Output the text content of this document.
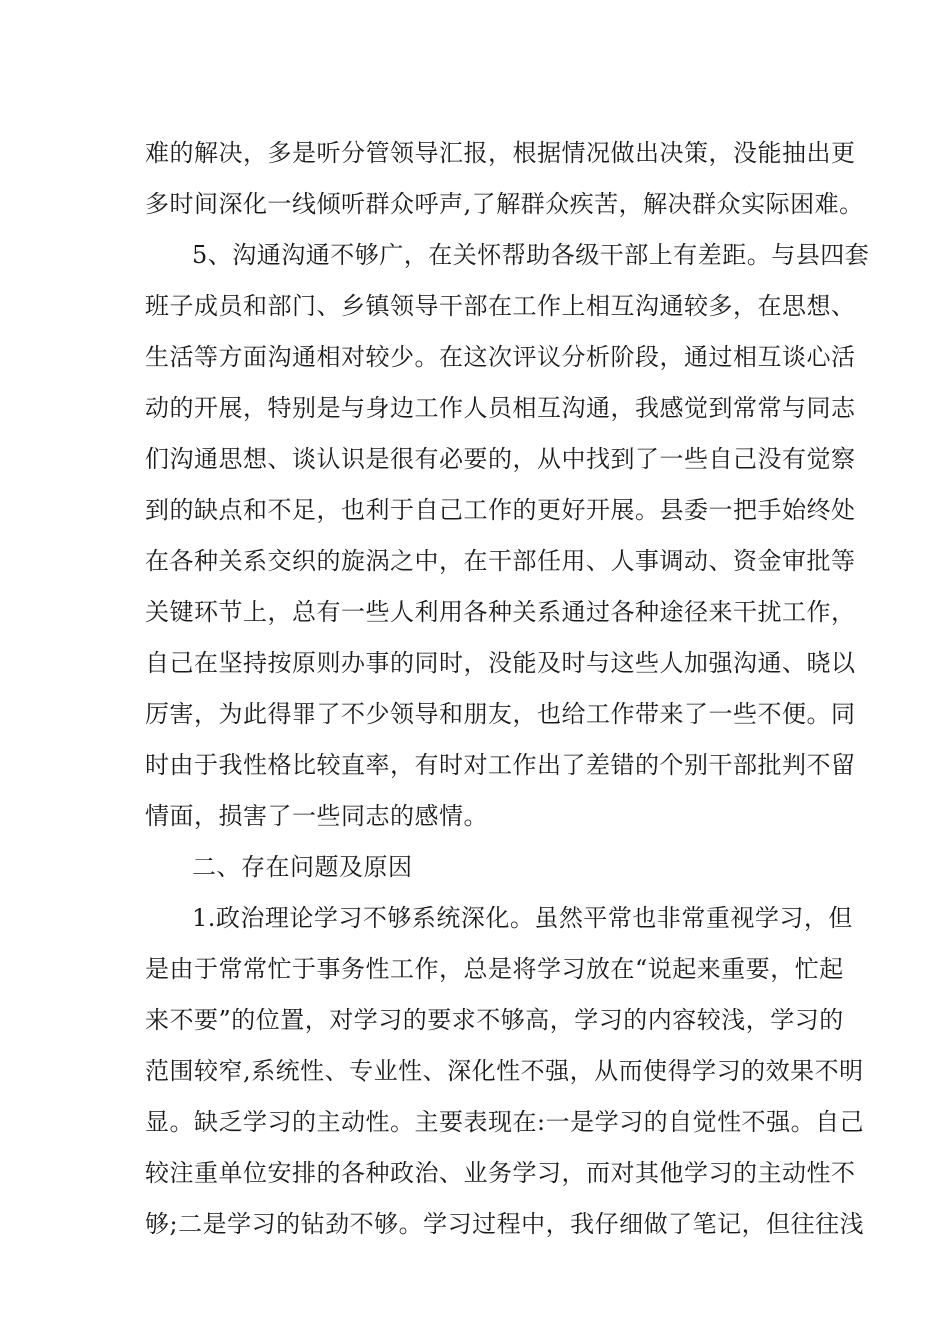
难的解决，多是听分管领导汇报，根据情况做出决策，没能抽出更
多时间深化一线倾听群众呼声,了解群众疾苦，解决群众实际困难。
5、沟通沟通不够广，在关怀帮助各级干部上有差距。与县四套
班子成员和部门、乡镇领导干部在工作上相互沟通较多，在思想、
生活等方面沟通相对较少。在这次评议分析阶段，通过相互谈心活
动的开展，特别是与身边工作人员相互沟通，我感觉到常常与同志
们沟通思想、谈认识是很有必要的，从中找到了一些自己没有觉察
到的缺点和不足，也利于自己工作的更好开展。县委一把手始终处
在各种关系交织的旋涡之中，在干部任用、人事调动、资金审批等
关键环节上，总有一些人利用各种关系通过各种途径来干扰工作，
自己在坚持按原则办事的同时，没能及时与这些人加强沟通、晓以
厉害，为此得罪了不少领导和朋友，也给工作带来了一些不便。同
时由于我性格比较直率，有时对工作出了差错的个别干部批判不留
情面，损害了一些同志的感情。
二、存在问题及原因
1.政治理论学习不够系统深化。虽然平常也非常重视学习，但
是由于常常忙于事务性工作，总是将学习放在“说起来重要，忙起
来不要”的位置，对学习的要求不够高，学习的内容较浅，学习的
范围较窄,系统性、专业性、深化性不强，从而使得学习的效果不明
显。缺乏学习的主动性。主要表现在:一是学习的自觉性不强。自己
较注重单位安排的各种政治、业务学习，而对其他学习的主动性不
够;二是学习的钻劲不够。学习过程中，我仔细做了笔记，但往往浅
